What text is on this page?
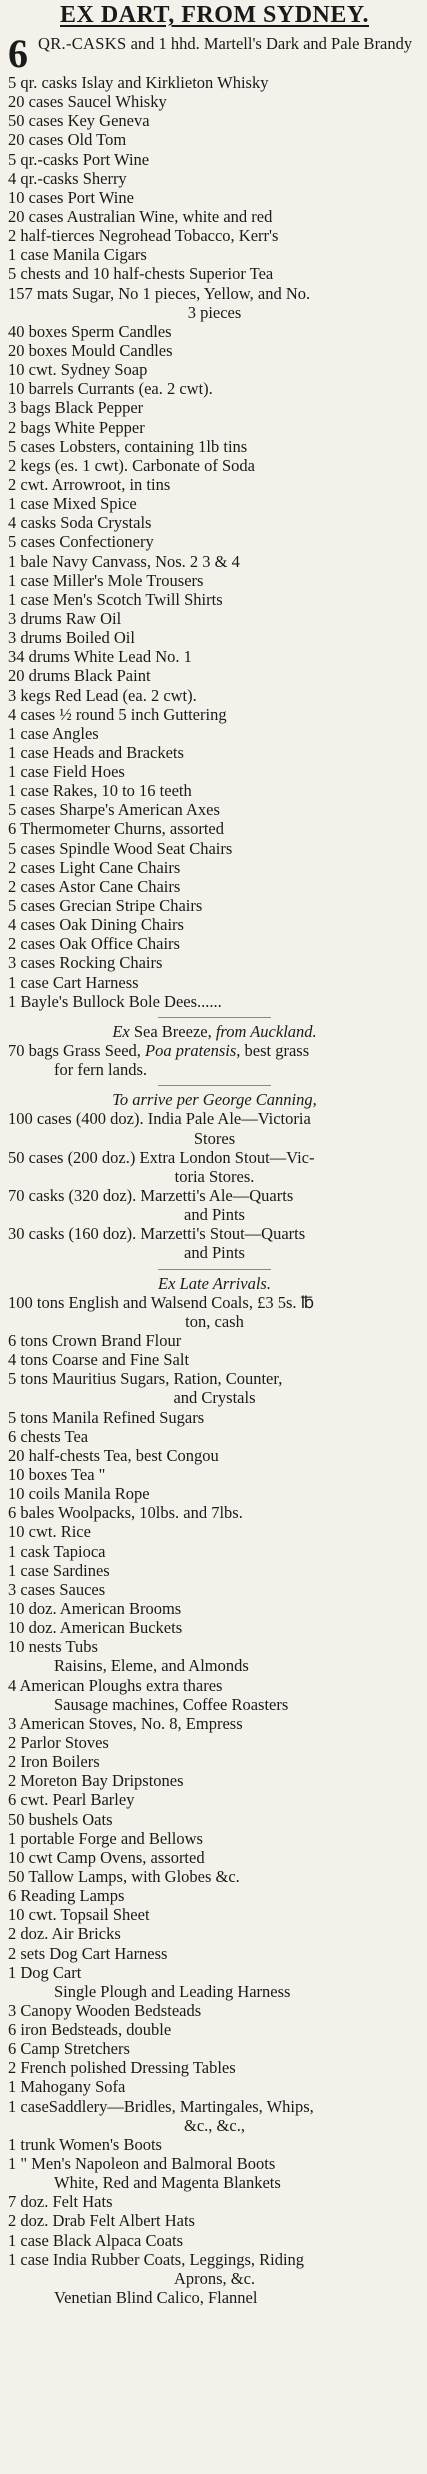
EX DART, FROM SYDNEY.
6 QR.-CASKS and 1 hhd. Martell's Dark and Pale Brandy
5 qr. casks Islay and Kirklieton Whisky
20 cases Saucel Whisky
50 cases Key Geneva
20 cases Old Tom
5 qr.-casks Port Wine
4 qr.-casks Sherry
10 cases Port Wine
20 cases Australian Wine, white and red
2 half-tierces Negrohead Tobacco, Kerr's
1 case Manila Cigars
5 chests and 10 half-chests Superior Tea
157 mats Sugar, No 1 pieces, Yellow, and No.
3 pieces
40 boxes Sperm Candles
20 boxes Mould Candles
10 cwt. Sydney Soap
10 barrels Currants (ea. 2 cwt).
3 bags Black Pepper
2 bags White Pepper
5 cases Lobsters, containing 1lb tins
2 kegs (es. 1 cwt). Carbonate of Soda
2 cwt. Arrowroot, in tins
1 case Mixed Spice
4 casks Soda Crystals
5 cases Confectionery
1 bale Navy Canvass, Nos. 2 3 & 4
1 case Miller's Mole Trousers
1 case Men's Scotch Twill Shirts
3 drums Raw Oil
3 drums Boiled Oil
34 drums White Lead No. 1
20 drums Black Paint
3 kegs Red Lead (ea. 2 cwt).
4 cases ½ round 5 inch Guttering
1 case Angles
1 case Heads and Brackets
1 case Field Hoes
1 case Rakes, 10 to 16 teeth
5 cases Sharpe's American Axes
6 Thermometer Churns, assorted
5 cases Spindle Wood Seat Chairs
2 cases Light Cane Chairs
2 cases Astor Cane Chairs
5 cases Grecian Stripe Chairs
4 cases Oak Dining Chairs
2 cases Oak Office Chairs
3 cases Rocking Chairs
1 case Cart Harness
1 Bayle's Bullock Bole Dees......
Ex Sea Breeze, from Auckland.
70 bags Grass Seed, Poa pratensis, best grass
for fern lands.
To arrive per George Canning,
100 cases (400 doz). India Pale Ale—Victoria
Stores
50 cases (200 doz.) Extra London Stout—Vic-
toria Stores.
70 casks (320 doz). Marzetti's Ale—Quarts
and Pints
30 casks (160 doz). Marzetti's Stout—Quarts
and Pints
Ex Late Arrivals.
100 tons English and Walsend Coals, £3 5s. ℔
ton, cash
6 tons Crown Brand Flour
4 tons Coarse and Fine Salt
5 tons Mauritius Sugars, Ration, Counter,
and Crystals
5 tons Manila Refined Sugars
6 chests Tea
20 half-chests Tea, best Congou
10 boxes Tea "
10 coils Manila Rope
6 bales Woolpacks, 10lbs. and 7lbs.
10 cwt. Rice
1 cask Tapioca
1 case Sardines
3 cases Sauces
10 doz. American Brooms
10 doz. American Buckets
10 nests Tubs
Raisins, Eleme, and Almonds
4 American Ploughs extra thares
Sausage machines, Coffee Roasters
3 American Stoves, No. 8, Empress
2 Parlor Stoves
2 Iron Boilers
2 Moreton Bay Dripstones
6 cwt. Pearl Barley
50 bushels Oats
1 portable Forge and Bellows
10 cwt Camp Ovens, assorted
50 Tallow Lamps, with Globes &c.
6 Reading Lamps
10 cwt. Topsail Sheet
2 doz. Air Bricks
2 sets Dog Cart Harness
1 Dog Cart
Single Plough and Leading Harness
3 Canopy Wooden Bedsteads
6 iron Bedsteads, double
6 Camp Stretchers
2 French polished Dressing Tables
1 Mahogany Sofa
1 caseSaddlery—Bridles, Martingales, Whips,
&c., &c.,
1 trunk Women's Boots
1 " Men's Napoleon and Balmoral Boots
White, Red and Magenta Blankets
7 doz. Felt Hats
2 doz. Drab Felt Albert Hats
1 case Black Alpaca Coats
1 case India Rubber Coats, Leggings, Riding
Aprons, &c.
Venetian Blind Calico, Flannel
